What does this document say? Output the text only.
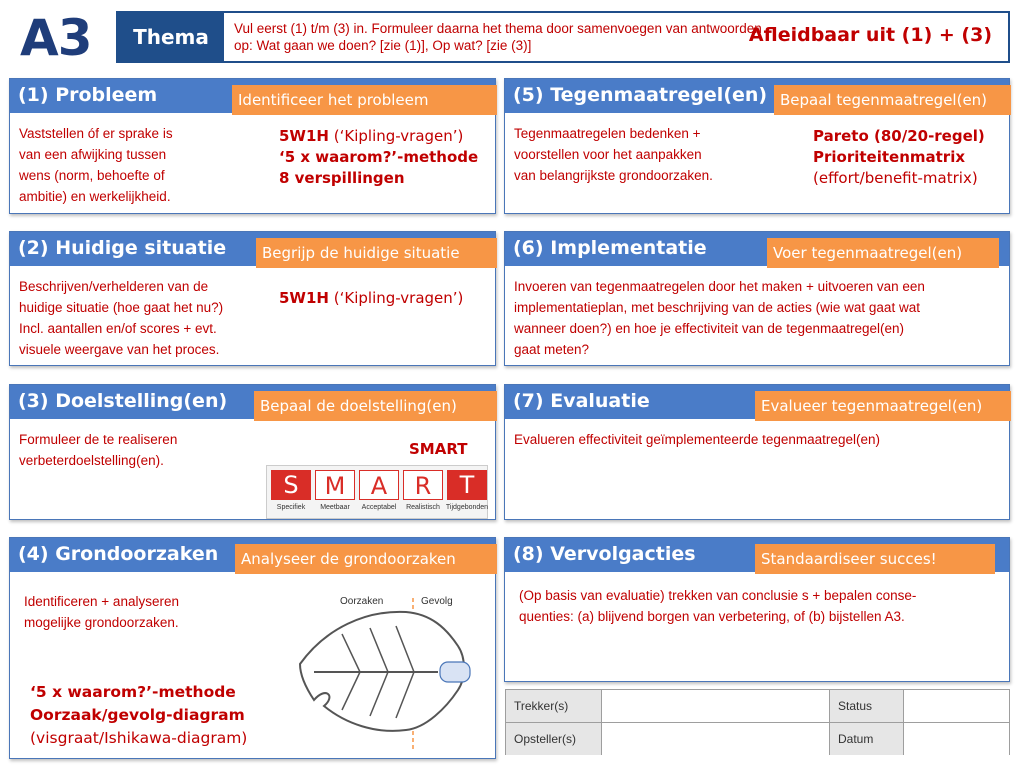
A3	Thema	Vul eerst (1) t/m (3) in. Formuleer daarna het thema door samenvoegen van antwoorden op: Wat gaan we doen? [zie (1)], Op wat? [zie (3)]	Afleidbaar uit (1) + (3)
(1) Probleem	Identificeer het probleem
Vaststellen óf er sprake is
van een afwijking tussen
wens (norm, behoefte of
ambitie) en werkelijkheid.
5W1H (‘Kipling-vragen’)
‘5 x waarom?’-methode
8 verspillingen
(2) Huidige situatie	Begrijp de huidige situatie
Beschrijven/verhelderen van de
huidige situatie (hoe gaat het nu?)
Incl. aantallen en/of scores + evt.
visuele weergave van het proces.
5W1H (‘Kipling-vragen’)
(3) Doelstelling(en)	Bepaal de doelstelling(en)
Formuleer de te realiseren
verbeterdoelstelling(en).
SMART
S	M	A	R	T
Specifiek	Meetbaar	Acceptabel	Realistisch Tijdgebonden
(4) Grondoorzaken	Analyseer de grondoorzaken
Identificeren + analyseren
mogelijke grondoorzaken.
‘5 x waarom?’-methode
Oorzaak/gevolg-diagram
(visgraat/Ishikawa-diagram)
Oorzaken	Gevolg
(5) Tegenmaatregel(en) Bepaal tegenmaatregel(en)
Tegenmaatregelen bedenken +
voorstellen voor het aanpakken
van belangrijkste grondoorzaken.
Pareto (80/20-regel)
Prioriteitenmatrix
(effort/benefit-matrix)
(6) Implementatie	Voer tegenmaatregel(en)
Invoeren van tegenmaatregelen door het maken + uitvoeren van een
implementatieplan, met beschrijving van de acties (wie wat gaat wat
wanneer doen?) en hoe je effectiviteit van de tegenmaatregel(en)
gaat meten?
(7) Evaluatie	Evalueer tegenmaatregel(en)
Evalueren effectiviteit geïmplementeerde tegenmaatregel(en)
(8) Vervolgacties	Standaardiseer succes!
(Op basis van evaluatie) trekken van conclusie s + bepalen conse-
quenties: (a) blijvend borgen van verbetering, of (b) bijstellen A3.
Trekker(s)	Status
Opsteller(s)	Datum
